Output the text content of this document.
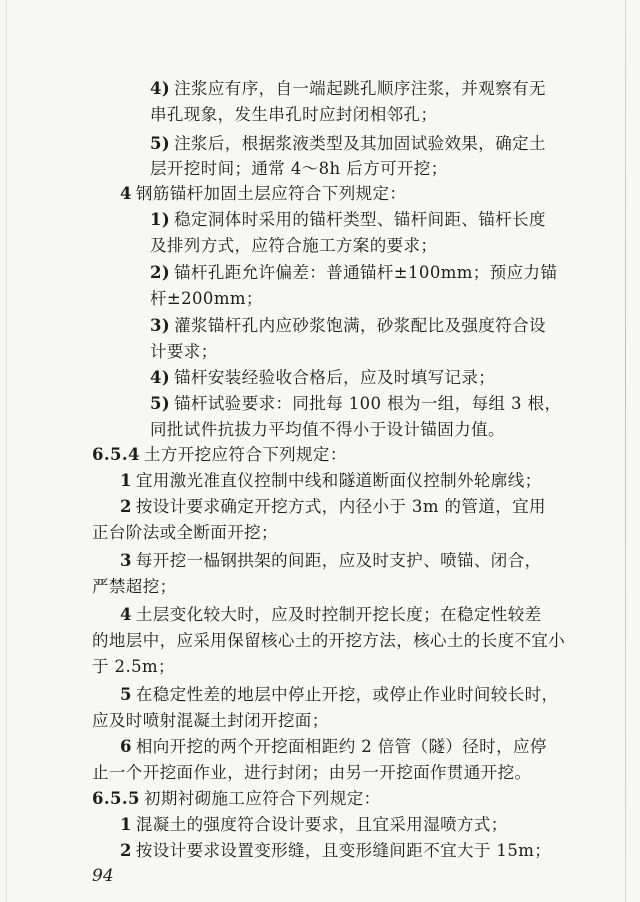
4) 注浆应有序，自一端起跳孔顺序注浆，并观察有无
串孔现象，发生串孔时应封闭相邻孔；
5) 注浆后，根据浆液类型及其加固试验效果，确定土
层开挖时间；通常 4～8h 后方可开挖；
4 钢筋锚杆加固土层应符合下列规定：
1) 稳定洞体时采用的锚杆类型、锚杆间距、锚杆长度
及排列方式，应符合施工方案的要求；
2) 锚杆孔距允许偏差：普通锚杆±100mm；预应力锚
杆±200mm；
3) 灌浆锚杆孔内应砂浆饱满，砂浆配比及强度符合设
计要求；
4) 锚杆安装经验收合格后，应及时填写记录；
5) 锚杆试验要求：同批每 100 根为一组，每组 3 根，
同批试件抗拔力平均值不得小于设计锚固力值。
6.5.4 土方开挖应符合下列规定：
1 宜用激光准直仪控制中线和隧道断面仪控制外轮廓线；
2 按设计要求确定开挖方式，内径小于 3m 的管道，宜用
正台阶法或全断面开挖；
3 每开挖一榀钢拱架的间距，应及时支护、喷锚、闭合，
严禁超挖；
4 土层变化较大时，应及时控制开挖长度；在稳定性较差
的地层中，应采用保留核心土的开挖方法，核心土的长度不宜小
于 2.5m；
5 在稳定性差的地层中停止开挖，或停止作业时间较长时，
应及时喷射混凝土封闭开挖面；
6 相向开挖的两个开挖面相距约 2 倍管（隧）径时，应停
止一个开挖面作业，进行封闭；由另一开挖面作贯通开挖。
6.5.5 初期衬砌施工应符合下列规定：
1 混凝土的强度符合设计要求，且宜采用湿喷方式；
2 按设计要求设置变形缝，且变形缝间距不宜大于 15m；
94
